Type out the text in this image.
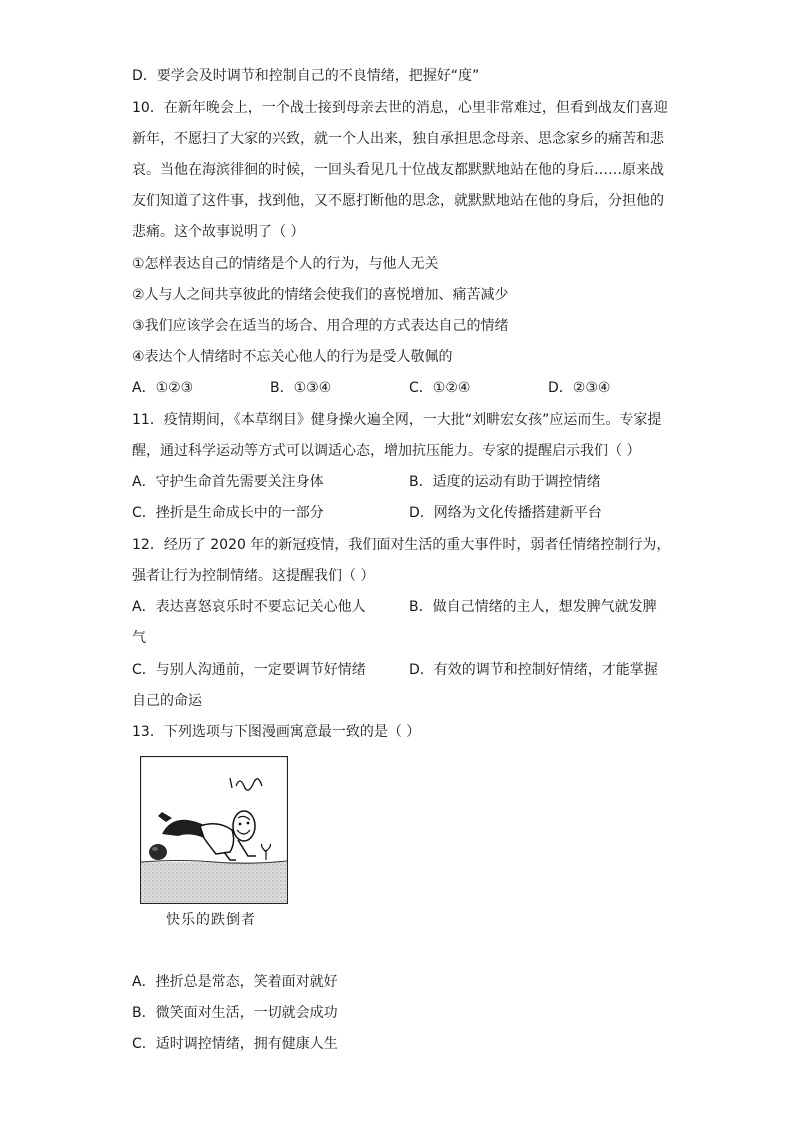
D．要学会及时调节和控制自己的不良情绪，把握好“度”
10．在新年晚会上，一个战士接到母亲去世的消息，心里非常难过，但看到战友们喜迎
新年，不愿扫了大家的兴致，就一个人出来，独自承担思念母亲、思念家乡的痛苦和悲
哀。当他在海滨徘徊的时候，一回头看见几十位战友都默默地站在他的身后……原来战
友们知道了这件事，找到他，又不愿打断他的思念，就默默地站在他的身后，分担他的
悲痛。这个故事说明了（ ）
①怎样表达自己的情绪是个人的行为，与他人无关
②人与人之间共享彼此的情绪会使我们的喜悦增加、痛苦减少
③我们应该学会在适当的场合、用合理的方式表达自己的情绪
④表达个人情绪时不忘关心他人的行为是受人敬佩的
A．①②③	B．①③④	C．①②④	D．②③④
11．疫情期间，《本草纲目》健身操火遍全网，一大批“刘畊宏女孩”应运而生。专家提
醒，通过科学运动等方式可以调适心态，增加抗压能力。专家的提醒启示我们（ ）
A．守护生命首先需要关注身体	B．适度的运动有助于调控情绪
C．挫折是生命成长中的一部分	D．网络为文化传播搭建新平台
12．经历了 2020 年的新冠疫情，我们面对生活的重大事件时，弱者任情绪控制行为，
强者让行为控制情绪。这提醒我们（ ）
A．表达喜怒哀乐时不要忘记关心他人	B．做自己情绪的主人，想发脾气就发脾
气
C．与别人沟通前，一定要调节好情绪	D．有效的调节和控制好情绪，才能掌握
自己的命运
13．下列选项与下图漫画寓意最一致的是（ ）
A．挫折总是常态，笑着面对就好
B．微笑面对生活，一切就会成功
C．适时调控情绪，拥有健康人生
快乐的跌倒者
